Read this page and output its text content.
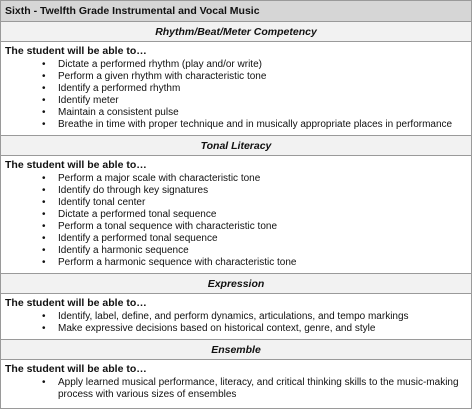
Sixth - Twelfth Grade Instrumental and Vocal Music
Rhythm/Beat/Meter Competency
The student will be able to…
• Dictate a performed rhythm (play and/or write)
• Perform a given rhythm with characteristic tone
• Identify a performed rhythm
• Identify meter
• Maintain a consistent pulse
• Breathe in time with proper technique and in musically appropriate places in performance
Tonal Literacy
The student will be able to…
• Perform a major scale with characteristic tone
• Identify do through key signatures
• Identify tonal center
• Dictate a performed tonal sequence
• Perform a tonal sequence with characteristic tone
• Identify a performed tonal sequence
• Identify a harmonic sequence
• Perform a harmonic sequence with characteristic tone
Expression
The student will be able to…
• Identify, label, define, and perform dynamics, articulations, and tempo markings
• Make expressive decisions based on historical context, genre, and style
Ensemble
The student will be able to…
• Apply learned musical performance, literacy, and critical thinking skills to the music-making process with various sizes of ensembles
